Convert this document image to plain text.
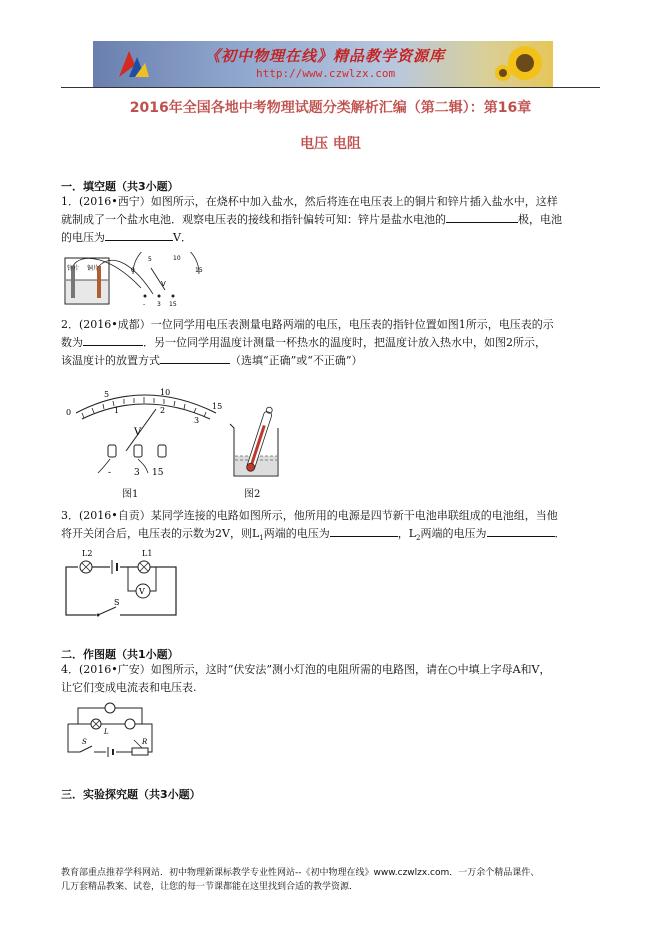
《初中物理在线》精品教学资源库
http://www.czwlzx.com
2016年全国各地中考物理试题分类解析汇编（第二辑）：第16章
电压 电阻
一．填空题（共3小题）
1．(2016•西宁）如图所示，在烧杯中加入盐水，然后将连在电压表上的铜片和锌片插入盐水中，这样
就制成了一个盐水电池．观察电压表的接线和指针偏转可知：锌片是盐水电池的	极，电池
的电压为	V．
锌片 铜片	0
5	10
15
V
- 3 15
2．(2016•成都）一位同学用电压表测量电路两端的电压，电压表的指针位置如图1所示，电压表的示
数为	．另一位同学用温度计测量一杯热水的温度时，把温度计放入热水中，如图2所示，
该温度计的放置方式	（选填“正确”或“不正确”）
0
5
1
10
2	15
3
V
-	3 15
图1	图2
3．(2016•自贡）某同学连接的电路如图所示，他所用的电源是四节新干电池串联组成的电池组，当他
将开关闭合后，电压表的示数为2V，则$L_1$两端的电压为	，$L_2$两端的电压为	．
L2	L1
V
S
二．作图题（共1小题）
4．(2016•广安）如图所示，这时“伏安法”测小灯泡的电阻所需的电路图，请在○中填上字母A和V，
让它们变成电流表和电压表.
L
S	R
三．实验探究题（共3小题）
教育部重点推荐学科网站．初中物理新课标教学专业性网站--《初中物理在线》www.czwlzx.com．一万余个精品课件、
几万套精品教案、试卷，让您的每一节课都能在这里找到合适的教学资源．
